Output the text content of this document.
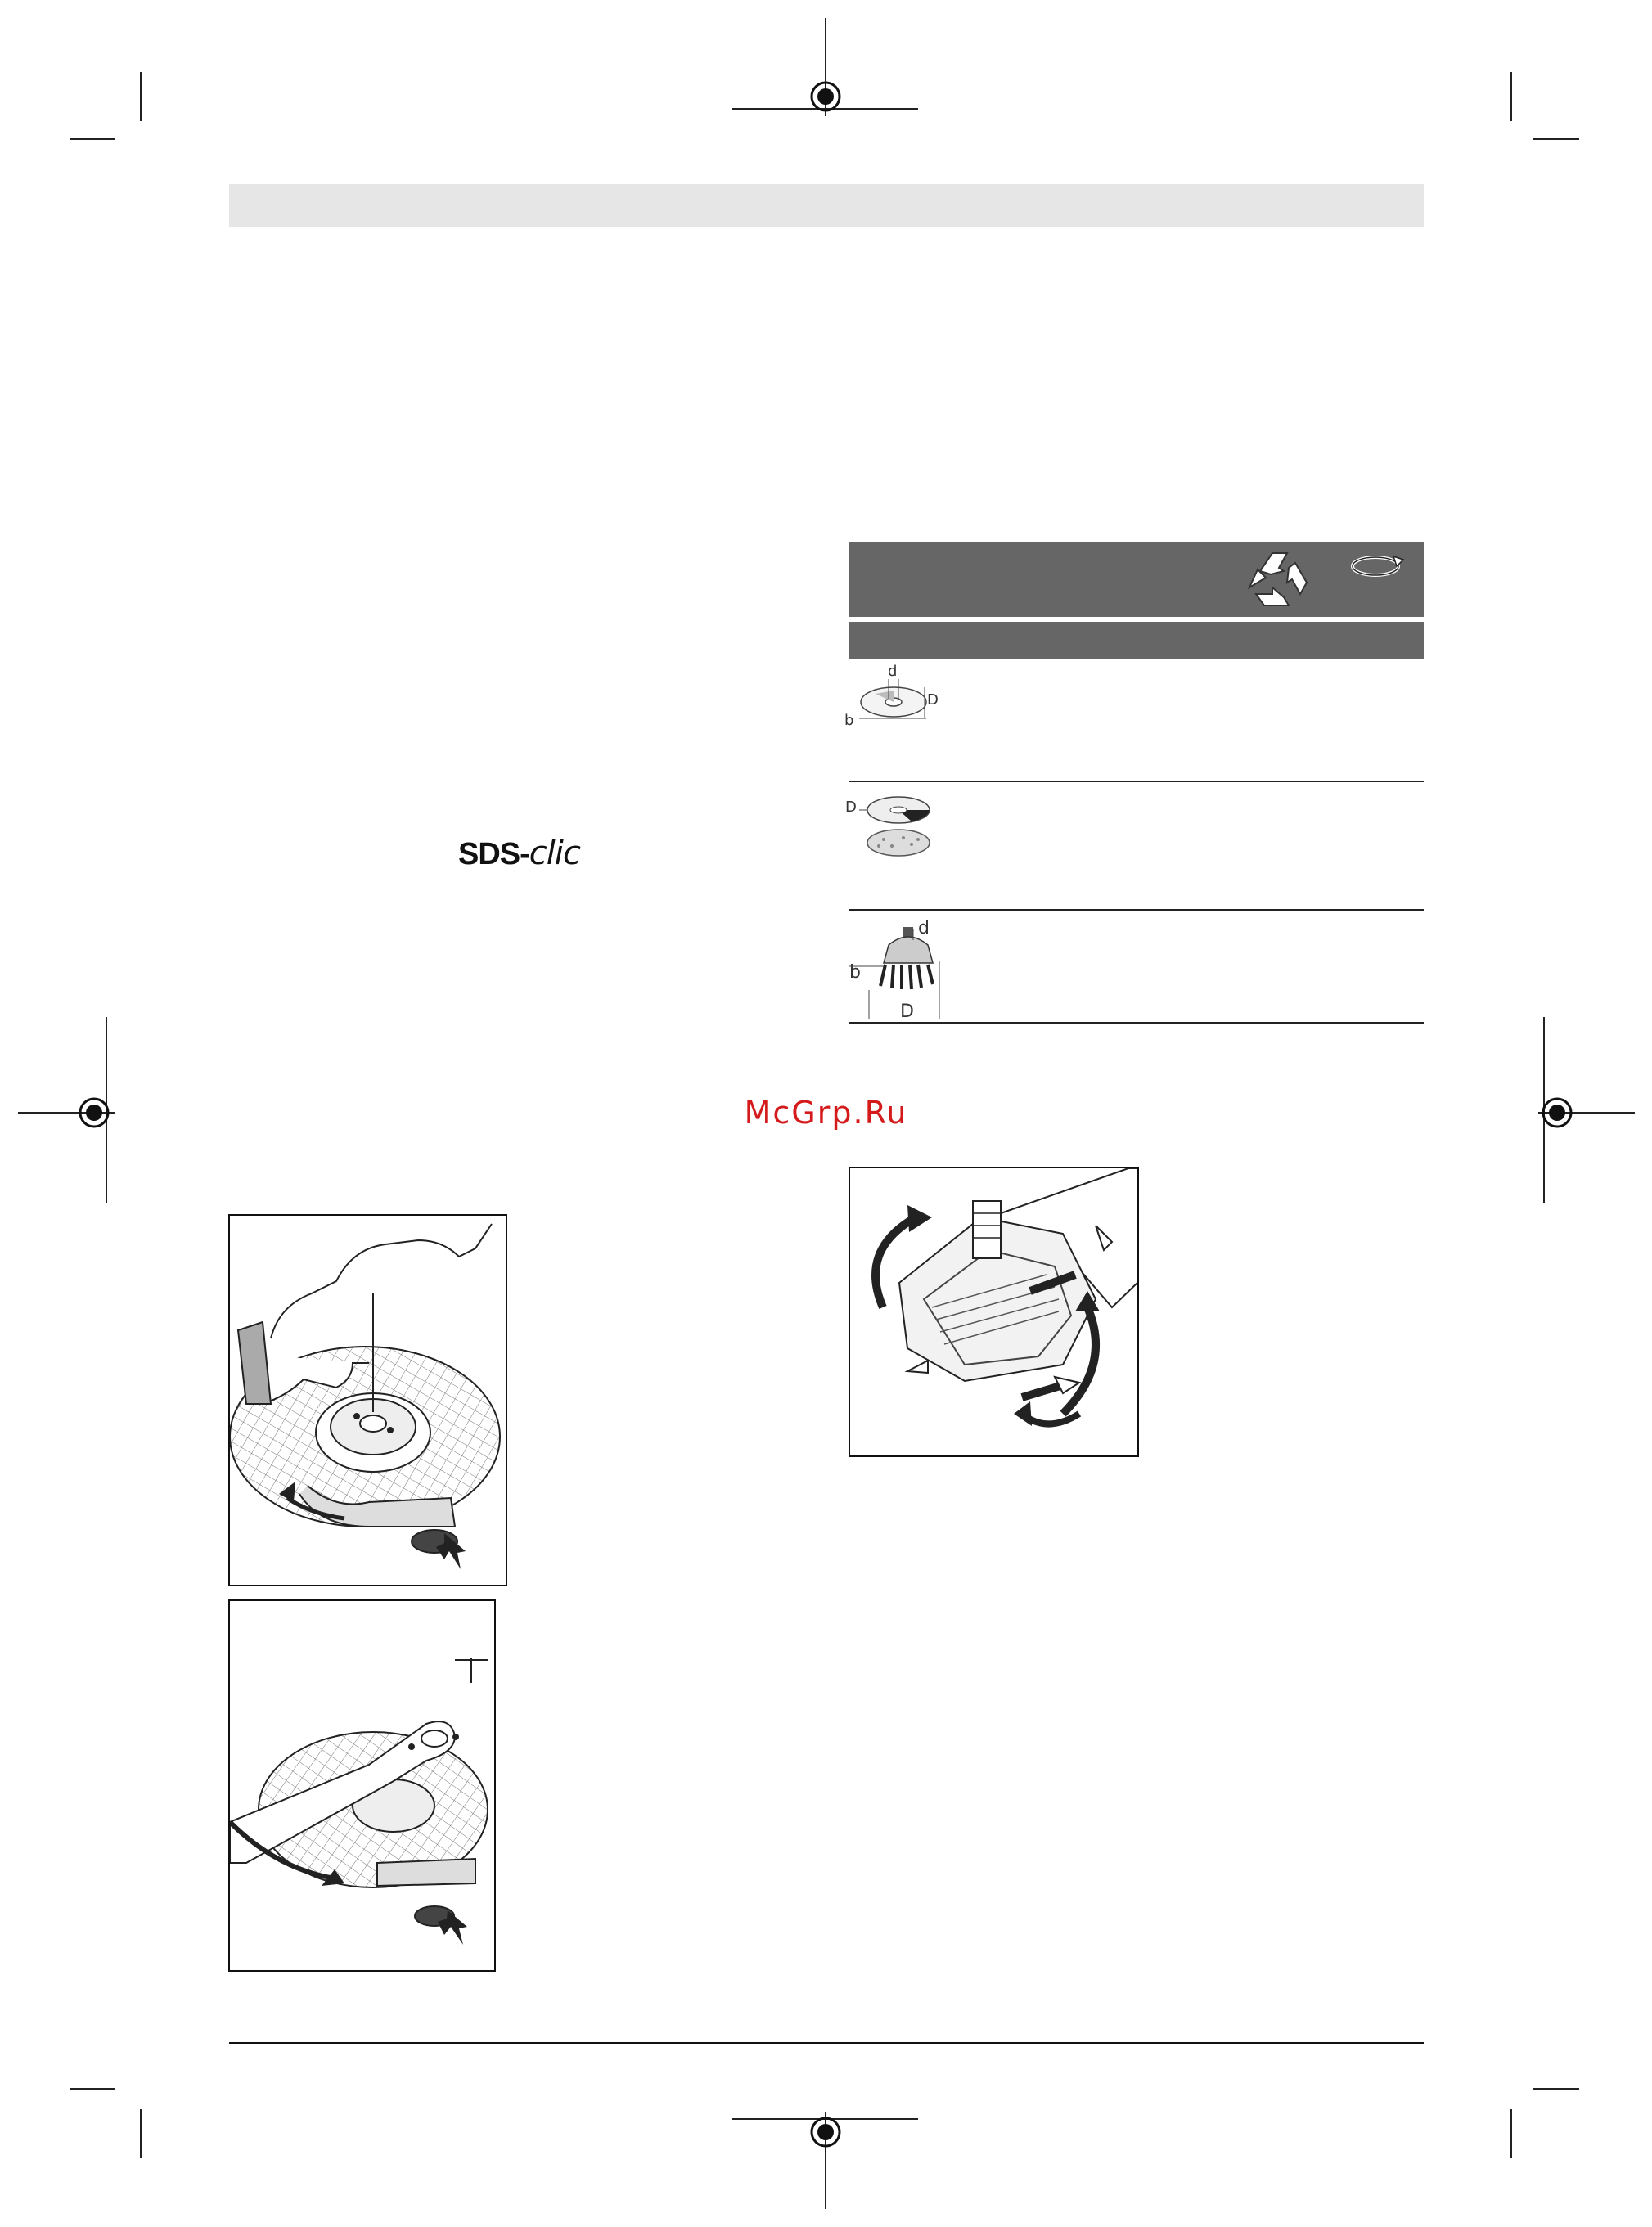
SDS-clic
d
D
b
D
d
b
D
McGrp.Ru
